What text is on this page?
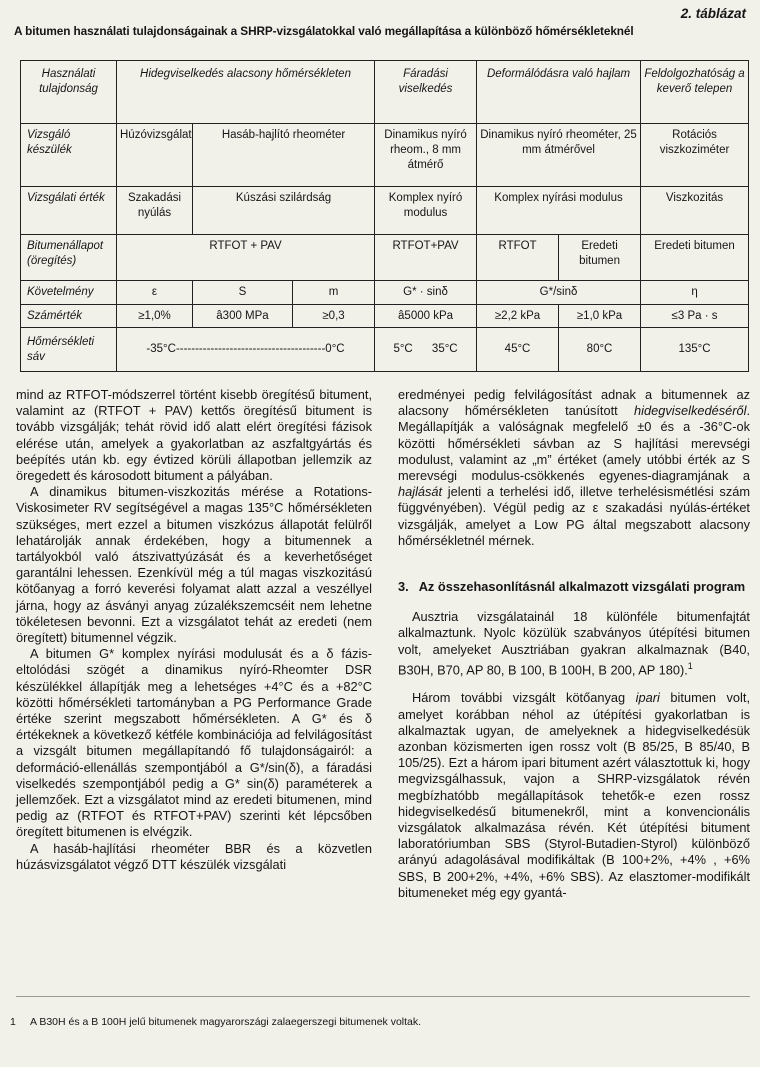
2. táblázat
A bitumen használati tulajdonságainak a SHRP-vizsgálatokkal való megállapítása a különböző hőmérsékleteknél
Használati tulajdonság	Hidegviselkedés alacsony hőmérsékleten			Fáradási viselkedés	Deformálódásra való hajlam		Feldolgozhatóság a keverő telepen
Vizsgáló készülék	Húzóvizsgálat	Hasáb-hajlító rheométer		Dinamikus nyíró rheom., 8 mm átmérő	Dinamikus nyíró rheométer, 25 mm átmérővel		Rotációs viszkoziméter
Vizsgálati érték	Szakadási nyúlás	Kúszási szilárdság		Komplex nyíró modulus	Komplex nyírási modulus		Viszkozitás
Bitumenállapot (öregítés)	RTFOT + PAV			RTFOT+PAV	RTFOT	Eredeti bitumen	Eredeti bitumen
Követelmény	ε	S	m	G* · sinδ	G*/sinδ		η
Számérték	≥1,0%	â300 MPa	≥0,3	â5000 kPa	≥2,2 kPa	≥1,0 kPa	≤3 Pa · s
Hőmérsékleti sáv	-35°C---------------------------------------0°C			5°C 35°C	45°C	80°C	135°C

mind az RTFOT-módszerrel történt kisebb öregítésű bitument, valamint az (RTFOT + PAV) kettős öregítésű bitument is tovább vizsgálják; tehát rövid idő alatt elért öregítési fázisok elérése után, amelyek a gyakorlatban az aszfaltgyártás és beépítés után kb. egy évtized körüli állapotban jellemzik az öregedett és károsodott bitument a pályában.

A dinamikus bitumen-viszkozitás mérése a Rotations-Viskosimeter RV segítségével a magas 135°C hőmérsékleten szükséges, mert ezzel a bitumen viszkózus állapotát felülről lehatárolják annak érdekében, hogy a bitumennek a tartályokból való átszivattyúzását és a keverhetőséget garantálni lehessen. Ezenkívül még a túl magas viszkozitású kötőanyag a forró keverési folyamat alatt azzal a veszéllyel járna, hogy az ásványi anyag zúzalékszemcséit nem lehetne tökéletesen bevonni. Ezt a vizsgálatot tehát az eredeti (nem öregített) bitumennel végzik.

A bitumen G* komplex nyírási modulusát és a δ fázis-eltolódási szögét a dinamikus nyíró-Rheomter DSR készülékkel állapítják meg a lehetséges +4°C és a +82°C közötti hőmérsékleti tartományban a PG Performance Grade értéke szerint megszabott hőmérsékleten. A G* és δ értékeknek a következő kétféle kombinációja ad felvilágosítást a vizsgált bitumen megállapítandó fő tulajdonságairól: a deformáció-ellenállás szempontjából a G*/sin(δ), a fáradási viselkedés szempontjából pedig a G* sin(δ) paraméterek a jellemzőek. Ezt a vizsgálatot mind az eredeti bitumenen, mind pedig az (RTFOT és RTFOT+PAV) szerinti két lépcsőben öregített bitumenen is elvégzik.

A hasáb-hajlítási rheométer BBR és a közvetlen húzásvizsgálatot végző DTT készülék vizsgálati

eredményei pedig felvilágosítást adnak a bitumennek az alacsony hőmérsékleten tanúsított hidegviselkedéséről. Megállapítják a valóságnak megfelelő ±0 és a -36°C-ok közötti hőmérsékleti sávban az S hajlítási merevségi modulust, valamint az „m” értéket (amely utóbbi érték az S merevségi modulus-csökkenés egyenes-diagramjának a hajlását jelenti a terhelési idő, illetve terhelésismétlési szám függvényében). Végül pedig az ε szakadási nyúlás-értéket vizsgálják, amelyet a Low PG által megszabott alacsony hőmérsékletnél mérnek.

3. Az összehasonlításnál alkalmazott vizsgálati program

Ausztria vizsgálatainál 18 különféle bitumenfajtát alkalmaztunk. Nyolc közülük szabványos útépítési bitumen volt, amelyeket Ausztriában gyakran alkalmaznak (B40, B30H, B70, AP 80, B 100, B 100H, B 200, AP 180).$^1$

Három további vizsgált kötőanyag ipari bitumen volt, amelyet korábban néhol az útépítési gyakorlatban is alkalmaztak ugyan, de amelyeknek a hidegviselkedésük azonban közismerten igen rossz volt (B 85/25, B 85/40, B 105/25). Ezt a három ipari bitument azért választottuk ki, hogy megvizsgálhassuk, vajon a SHRP-vizsgálatok révén megbízhatóbb megállapítások tehetők-e ezen rossz hidegviselkedésű bitumenekről, mint a konvencionális vizsgálatok alkalmazása révén. Két útépítési bitument laboratóriumban SBS (Styrol-Butadien-Styrol) különböző arányú adagolásával modifikáltak (B 100+2%, +4% , +6% SBS, B 200+2%, +4%, +6% SBS). Az elasztomer-modifikált bitumeneket még egy gyantá-

1 A B30H és a B 100H jelű bitumenek magyarországi zalaegerszegi bitumenek voltak.
